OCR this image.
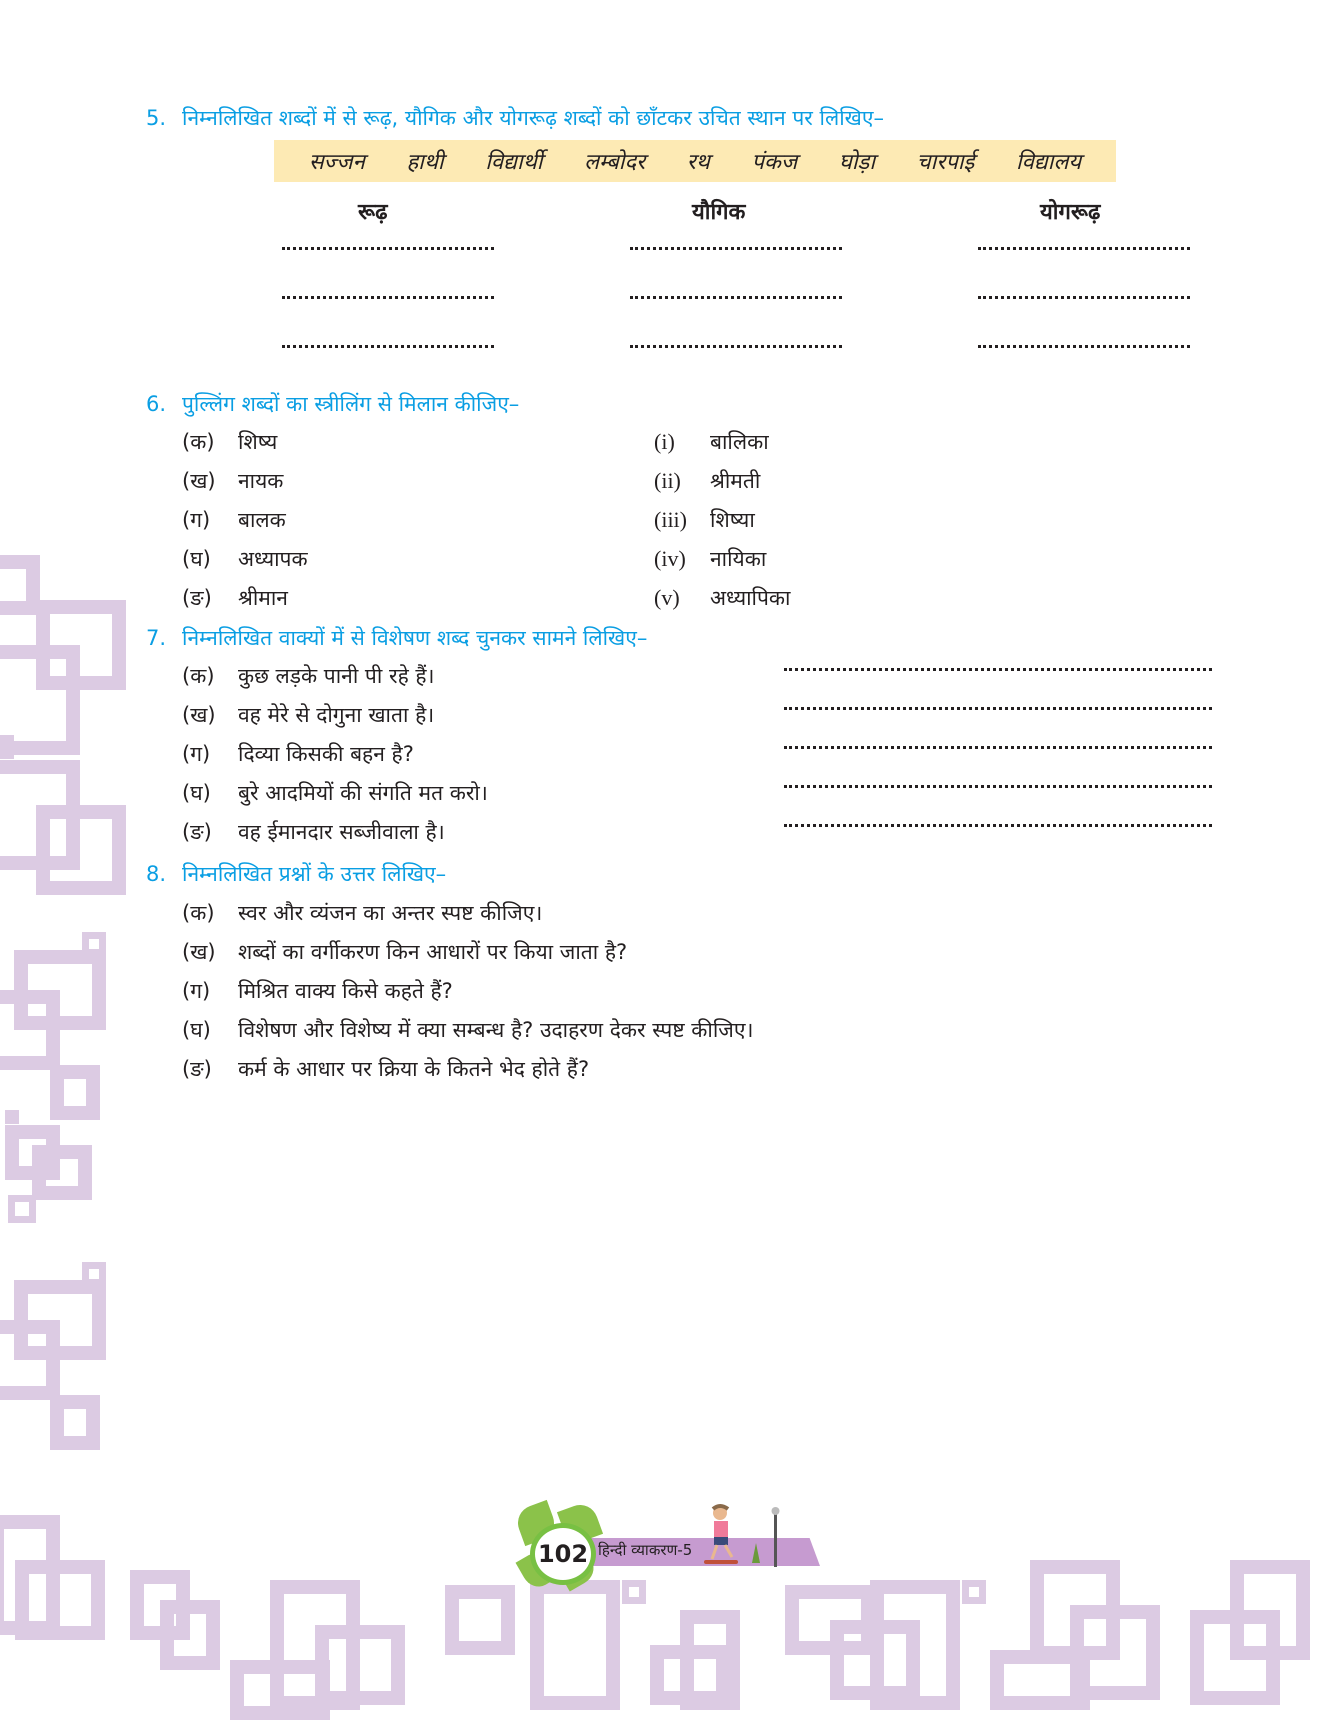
5. निम्नलिखित शब्दों में से रूढ़, यौगिक और योगरूढ़ शब्दों को छाँटकर उचित स्थान पर लिखिए–
सज्जन हाथी विद्यार्थी लम्बोदर रथ पंकज घोड़ा चारपाई विद्यालय
रूढ़	यौगिक	योगरूढ़
6. पुल्लिंग शब्दों का स्त्रीलिंग से मिलान कीजिए–
(क) शिष्य
(ख) नायक
(ग) बालक
(घ) अध्यापक
(ङ) श्रीमान
(i) बालिका
(ii) श्रीमती
(iii) शिष्या
(iv) नायिका
(v) अध्यापिका
7. निम्नलिखित वाक्यों में से विशेषण शब्द चुनकर सामने लिखिए–
(क) कुछ लड़के पानी पी रहे हैं।
(ख) वह मेरे से दोगुना खाता है।
(ग) दिव्या किसकी बहन है?
(घ) बुरे आदमियों की संगति मत करो।
(ङ) वह ईमानदार सब्जीवाला है।
8. निम्नलिखित प्रश्नों के उत्तर लिखिए–
(क) स्वर और व्यंजन का अन्तर स्पष्ट कीजिए।
(ख) शब्दों का वर्गीकरण किन आधारों पर किया जाता है?
(ग) मिश्रित वाक्य किसे कहते हैं?
(घ) विशेषण और विशेष्य में क्या सम्बन्ध है? उदाहरण देकर स्पष्ट कीजिए।
(ङ) कर्म के आधार पर क्रिया के कितने भेद होते हैं?
102 हिन्दी व्याकरण-5
